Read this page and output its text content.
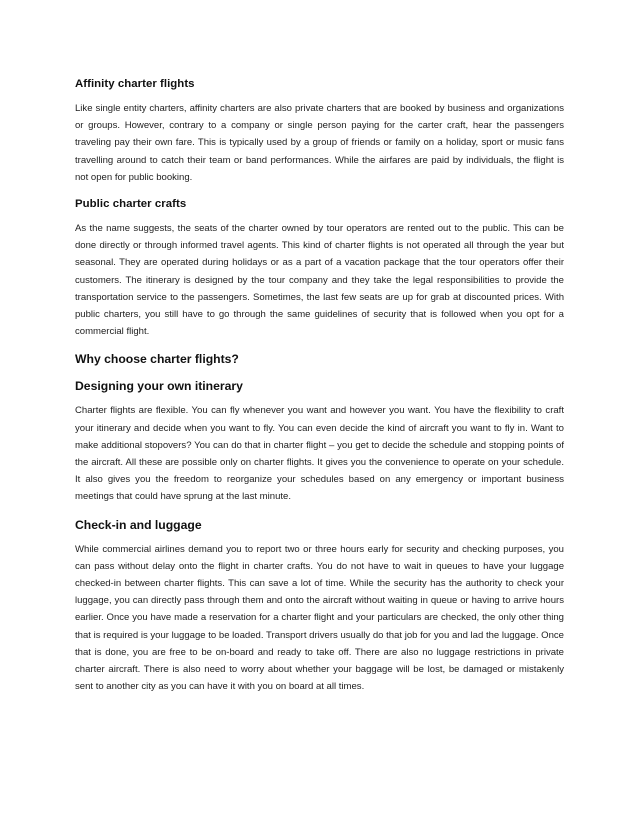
Affinity charter flights

Like single entity charters, affinity charters are also private charters that are booked by business and organizations or groups. However, contrary to a company or single person paying for the carter craft, hear the passengers traveling pay their own fare. This is typically used by a group of friends or family on a holiday, sport or music fans travelling around to catch their team or band performances. While the airfares are paid by individuals, the flight is not open for public booking.

Public charter crafts

As the name suggests, the seats of the charter owned by tour operators are rented out to the public. This can be done directly or through informed travel agents. This kind of charter flights is not operated all through the year but seasonal. They are operated during holidays or as a part of a vacation package that the tour operators offer their customers. The itinerary is designed by the tour company and they take the legal responsibilities to provide the transportation service to the passengers. Sometimes, the last few seats are up for grab at discounted prices. With public charters, you still have to go through the same guidelines of security that is followed when you opt for a commercial flight.

Why choose charter flights?
Designing your own itinerary

Charter flights are flexible. You can fly whenever you want and however you want. You have the flexibility to craft your itinerary and decide when you want to fly. You can even decide the kind of aircraft you want to fly in. Want to make additional stopovers? You can do that in charter flight – you get to decide the schedule and stopping points of the aircraft. All these are possible only on charter flights. It gives you the convenience to operate on your schedule. It also gives you the freedom to reorganize your schedules based on any emergency or important business meetings that could have sprung at the last minute.

Check-in and luggage

While commercial airlines demand you to report two or three hours early for security and checking purposes, you can pass without delay onto the flight in charter crafts. You do not have to wait in queues to have your luggage checked-in between charter flights. This can save a lot of time. While the security has the authority to check your luggage, you can directly pass through them and onto the aircraft without waiting in queue or having to arrive hours earlier. Once you have made a reservation for a charter flight and your particulars are checked, the only other thing that is required is your luggage to be loaded. Transport drivers usually do that job for you and lad the luggage. Once that is done, you are free to be on-board and ready to take off. There are also no luggage restrictions in private charter aircraft. There is also need to worry about whether your baggage will be lost, be damaged or mistakenly sent to another city as you can have it with you on board at all times.
